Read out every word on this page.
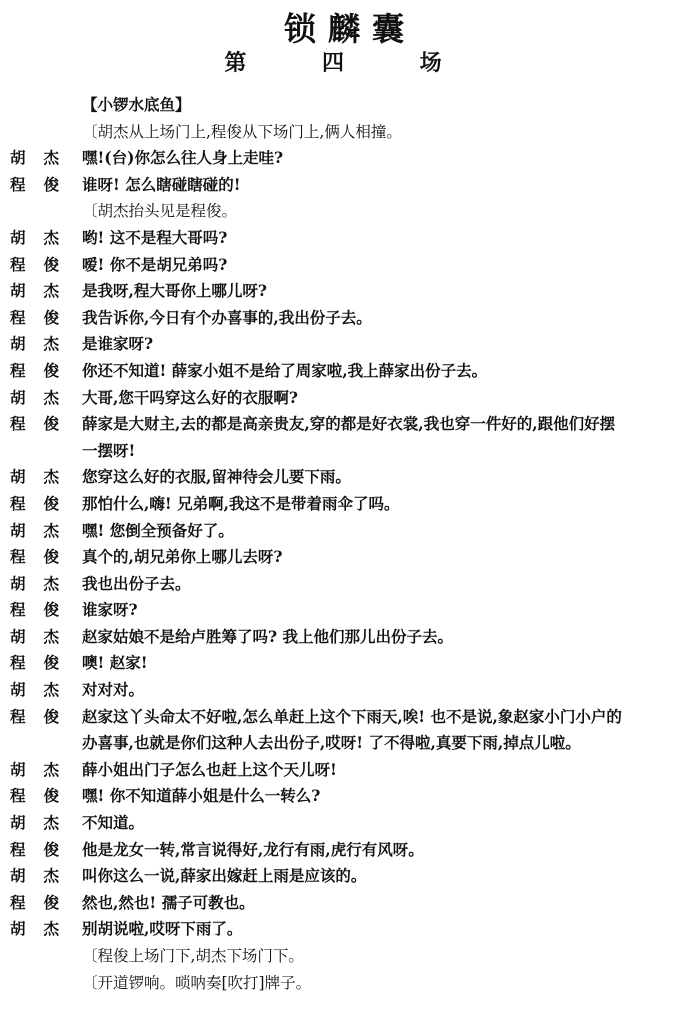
锁麟囊
第 四 场
【小锣水底鱼】
〔胡杰从上场门上,程俊从下场门上,俩人相撞。
胡杰 嘿!(台)你怎么往人身上走哇?
程俊 谁呀! 怎么瞎碰瞎碰的!
〔胡杰抬头见是程俊。
胡杰 哟! 这不是程大哥吗?
程俊 嗳! 你不是胡兄弟吗?
胡杰 是我呀,程大哥你上哪儿呀?
程俊 我告诉你,今日有个办喜事的,我出份子去。
胡杰 是谁家呀?
程俊 你还不知道! 薛家小姐不是给了周家啦,我上薛家出份子去。
胡杰 大哥,您干吗穿这么好的衣服啊?
程俊 薛家是大财主,去的都是高亲贵友,穿的都是好衣裳,我也穿一件好的,跟他们好摆
一摆呀!
胡杰 您穿这么好的衣服,留神待会儿要下雨。
程俊 那怕什么,嗨! 兄弟啊,我这不是带着雨伞了吗。
胡杰 嘿! 您倒全预备好了。
程俊 真个的,胡兄弟你上哪儿去呀?
胡杰 我也出份子去。
程俊 谁家呀?
胡杰 赵家姑娘不是给卢胜筹了吗? 我上他们那儿出份子去。
程俊 噢! 赵家!
胡杰 对对对。
程俊 赵家这丫头命太不好啦,怎么单赶上这个下雨天,唉! 也不是说,象赵家小门小户的
办喜事,也就是你们这种人去出份子,哎呀! 了不得啦,真要下雨,掉点儿啦。
胡杰 薛小姐出门子怎么也赶上这个天儿呀!
程俊 嘿! 你不知道薛小姐是什么一转么?
胡杰 不知道。
程俊 他是龙女一转,常言说得好,龙行有雨,虎行有风呀。
胡杰 叫你这么一说,薛家出嫁赶上雨是应该的。
程俊 然也,然也! 孺子可教也。
胡杰 别胡说啦,哎呀下雨了。
〔程俊上场门下,胡杰下场门下。
〔开道锣响。唢呐奏[吹打]牌子。
